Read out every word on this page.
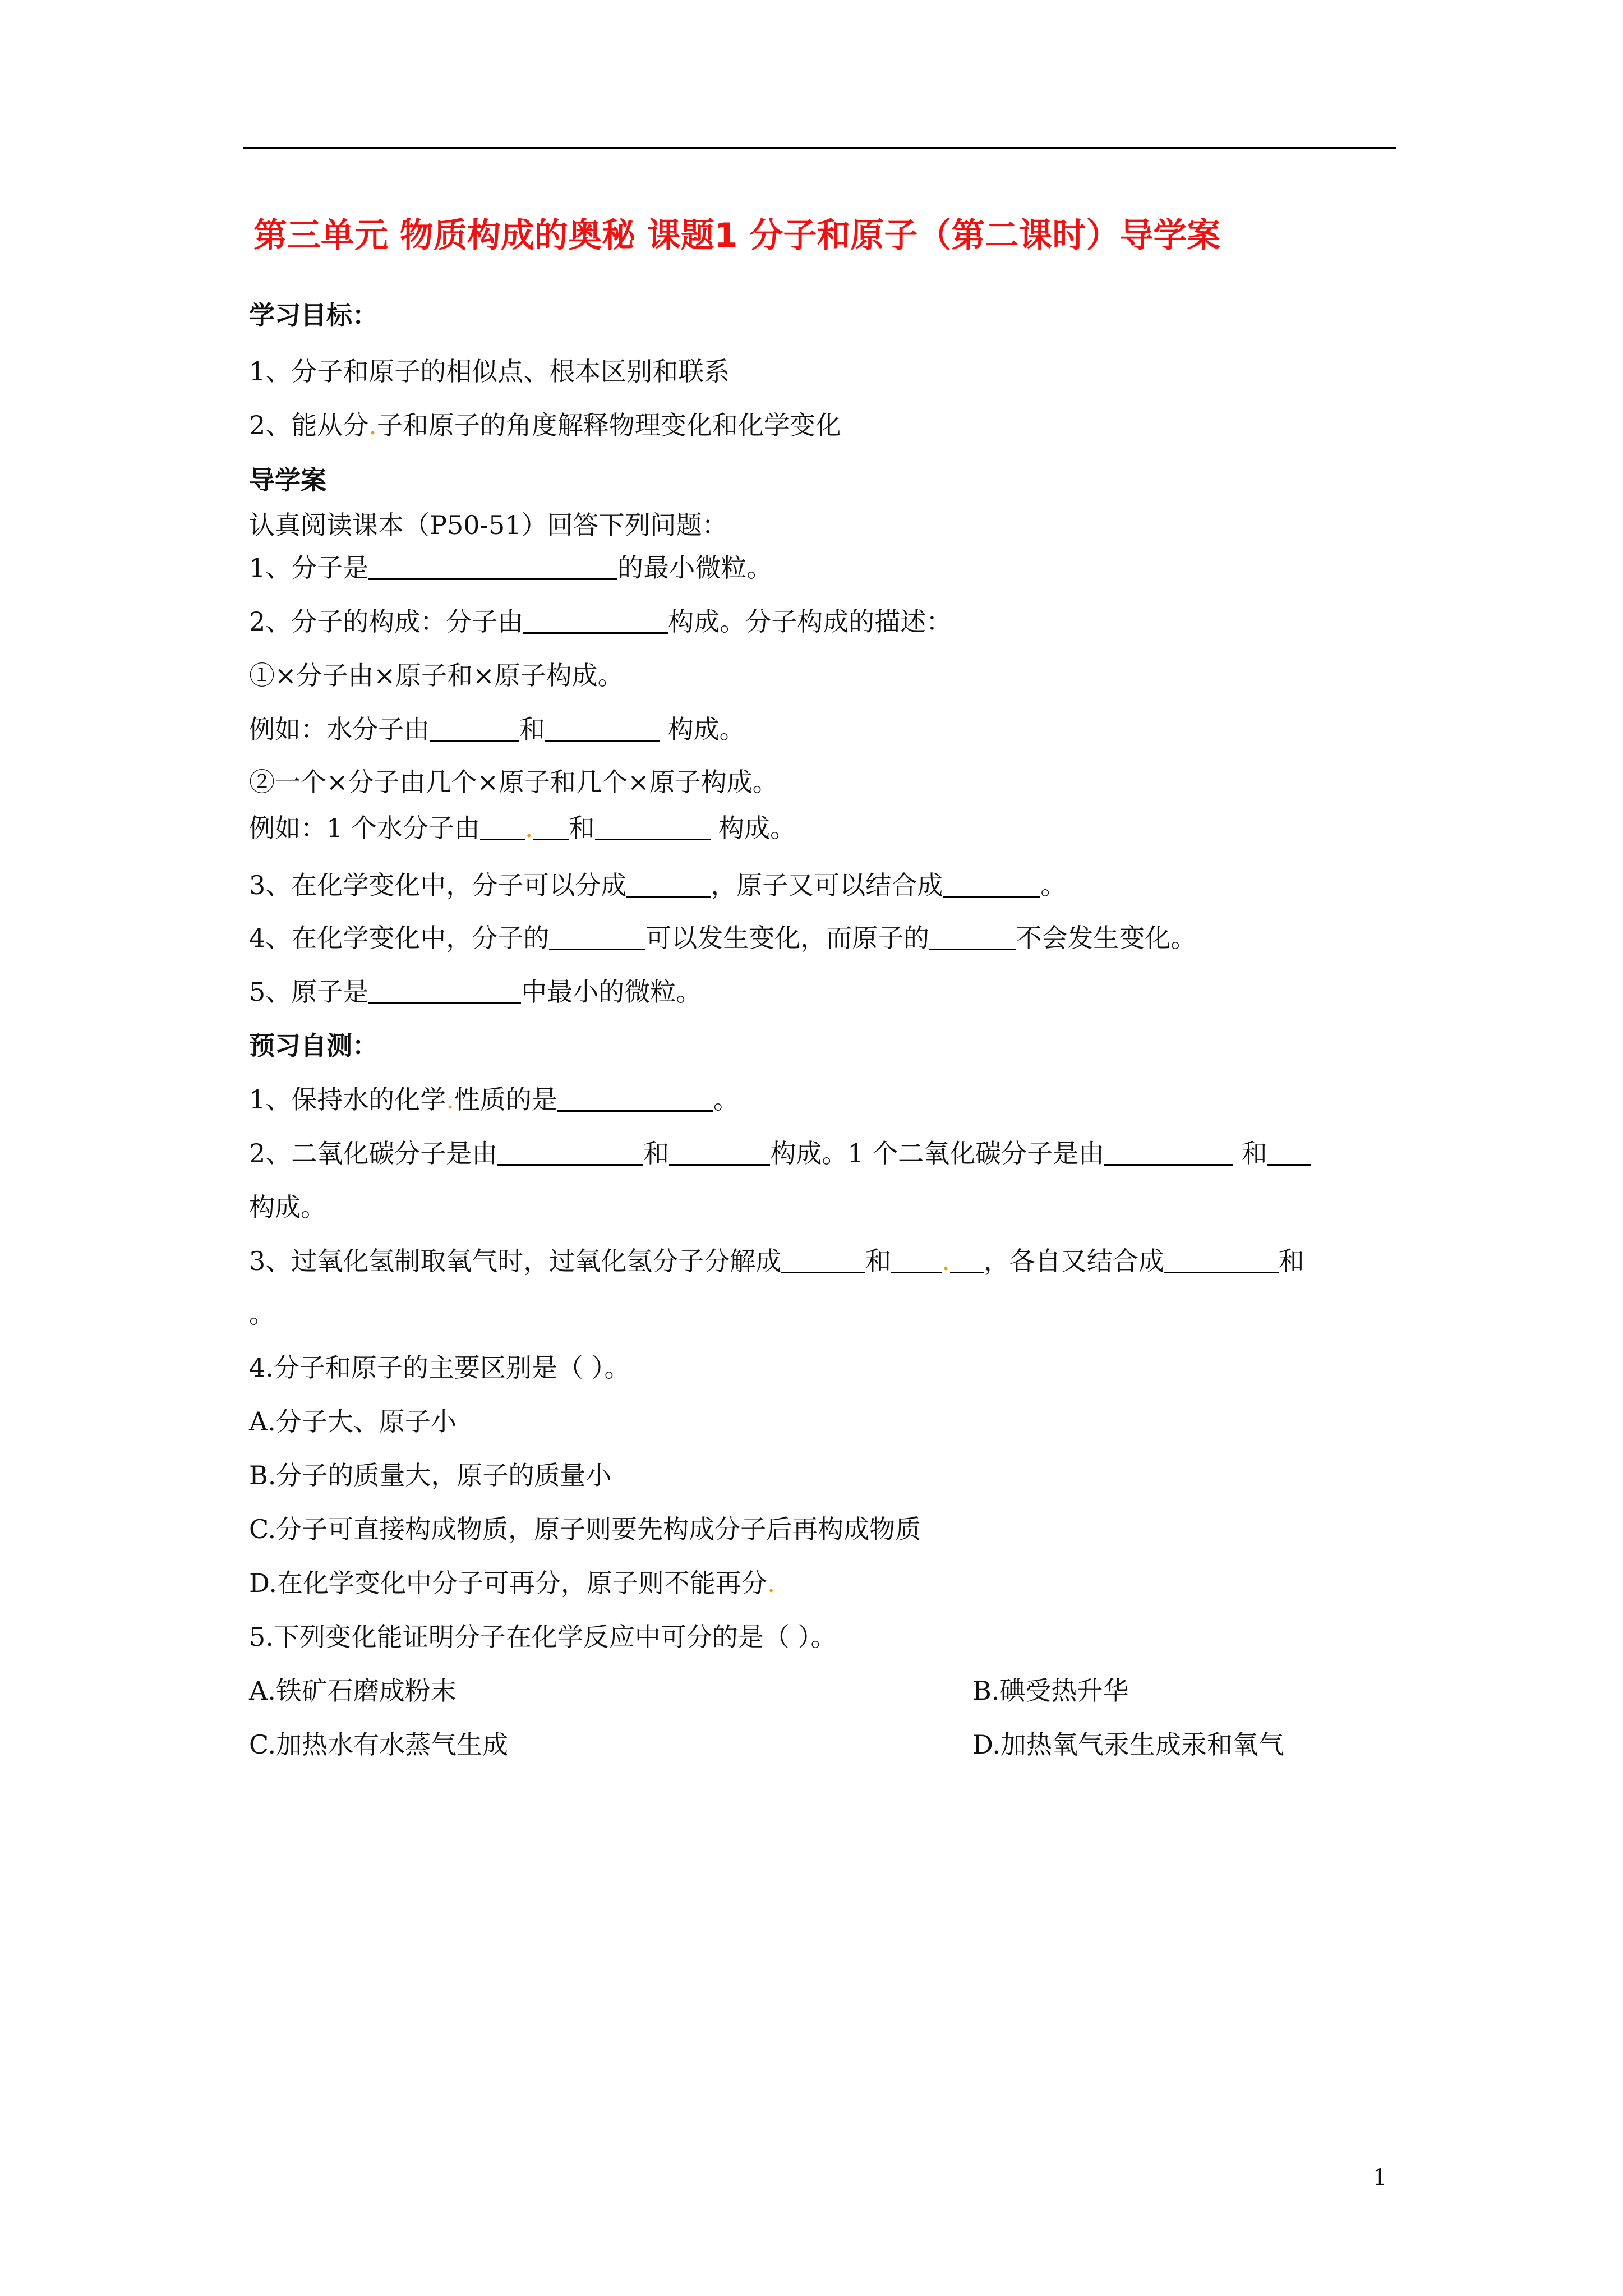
第三单元 物质构成的奥秘 课题1 分子和原子（第二课时）导学案

学习目标：

1、分子和原子的相似点、根本区别和联系

2、能从分.子和原子的角度解释物理变化和化学变化

导学案

认真阅读课本（P50-51）回答下列问题：

1、分子是	的最小微粒。

2、分子的构成：分子由	构成。分子构成的描述：

①×分子由×原子和×原子构成。

例如：水分子由	和	构成。

②一个×分子由几个×原子和几个×原子构成。

例如：1 个水分子由 . 和	构成。

3、在化学变化中，分子可以分成	，原子又可以结合成	。

4、在化学变化中，分子的	可以发生变化，而原子的	不会发生变化。

5、原子是	中最小的微粒。

预习自测：

1、保持水的化学.性质的是	。

2、二氧化碳分子是由	和	构成。1 个二氧化碳分子是由	和

构成。

3、过氧化氢制取氧气时，过氧化氢分子分解成	和 . ，各自又结合成	和

。

4.分子和原子的主要区别是（ ）。

A.分子大、原子小

B.分子的质量大，原子的质量小

C.分子可直接构成物质，原子则要先构成分子后再构成物质

D.在化学变化中分子可再分，原子则不能再分.

5.下列变化能证明分子在化学反应中可分的是（ ）。

A.铁矿石磨成粉末	B.碘受热升华
C.加热水有水蒸气生成	D.加热氧气汞生成汞和氧气

1
